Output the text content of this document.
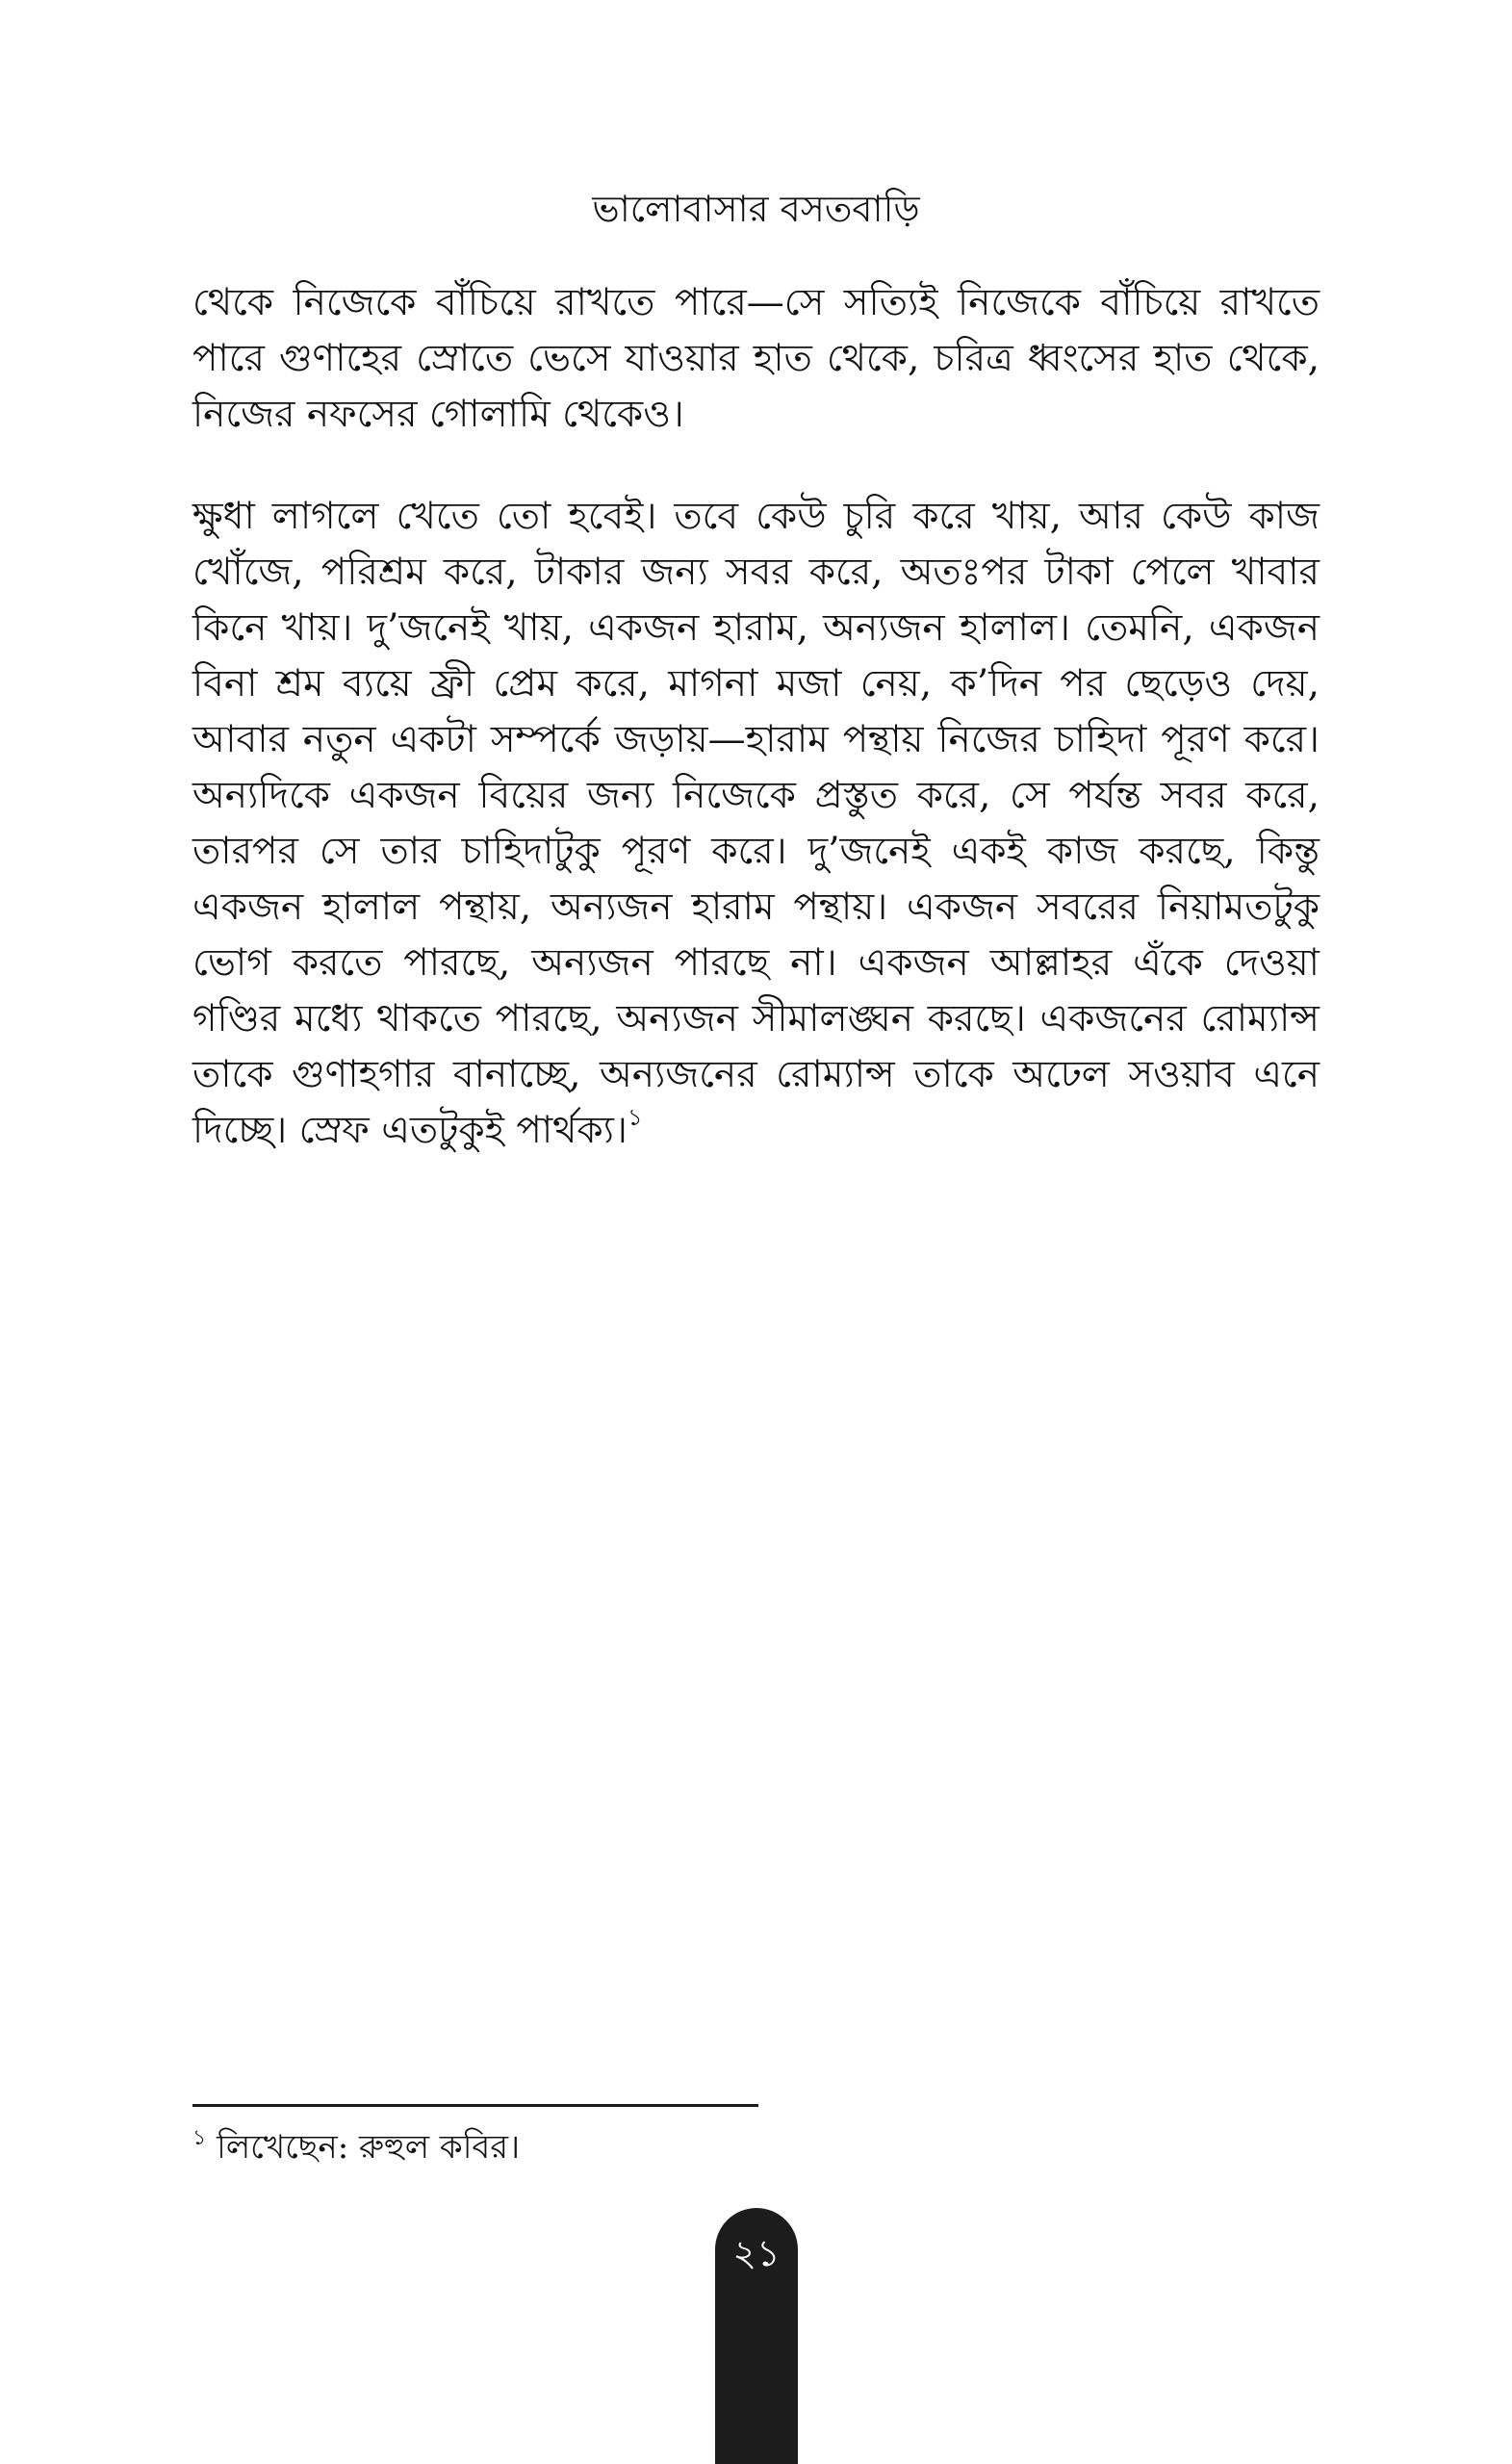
ভালোবাসার বসতবাড়ি

থেকে নিজেকে বাঁচিয়ে রাখতে পারে—সে সত্যিই নিজেকে বাঁচিয়ে রাখতে পারে গুণাহের স্রোতে ভেসে যাওয়ার হাত থেকে, চরিত্র ধ্বংসের হাত থেকে, নিজের নফসের গোলামি থেকেও।

ক্ষুধা লাগলে খেতে তো হবেই। তবে কেউ চুরি করে খায়, আর কেউ কাজ খোঁজে, পরিশ্রম করে, টাকার জন্য সবর করে, অতঃপর টাকা পেলে খাবার কিনে খায়। দু’জনেই খায়, একজন হারাম, অন্যজন হালাল। তেমনি, একজন বিনা শ্রম ব্যয়ে ফ্রী প্রেম করে, মাগনা মজা নেয়, ক’দিন পর ছেড়েও দেয়, আবার নতুন একটা সম্পর্কে জড়ায়—হারাম পন্থায় নিজের চাহিদা পূরণ করে। অন্যদিকে একজন বিয়ের জন্য নিজেকে প্রস্তুত করে, সে পর্যন্ত সবর করে, তারপর সে তার চাহিদাটুকু পূরণ করে। দু’জনেই একই কাজ করছে, কিন্তু একজন হালাল পন্থায়, অন্যজন হারাম পন্থায়। একজন সবরের নিয়ামতটুকু ভোগ করতে পারছে, অন্যজন পারছে না। একজন আল্লাহর এঁকে দেওয়া গণ্ডির মধ্যে থাকতে পারছে, অন্যজন সীমালঙ্ঘন করছে। একজনের রোম্যান্স তাকে গুণাহগার বানাচ্ছে, অন্যজনের রোম্যান্স তাকে অঢেল সওয়াব এনে দিচ্ছে। স্রেফ এতটুকুই পার্থক্য।$^১$

$^১$ লিখেছেন: রুহুল কবির।
২১
